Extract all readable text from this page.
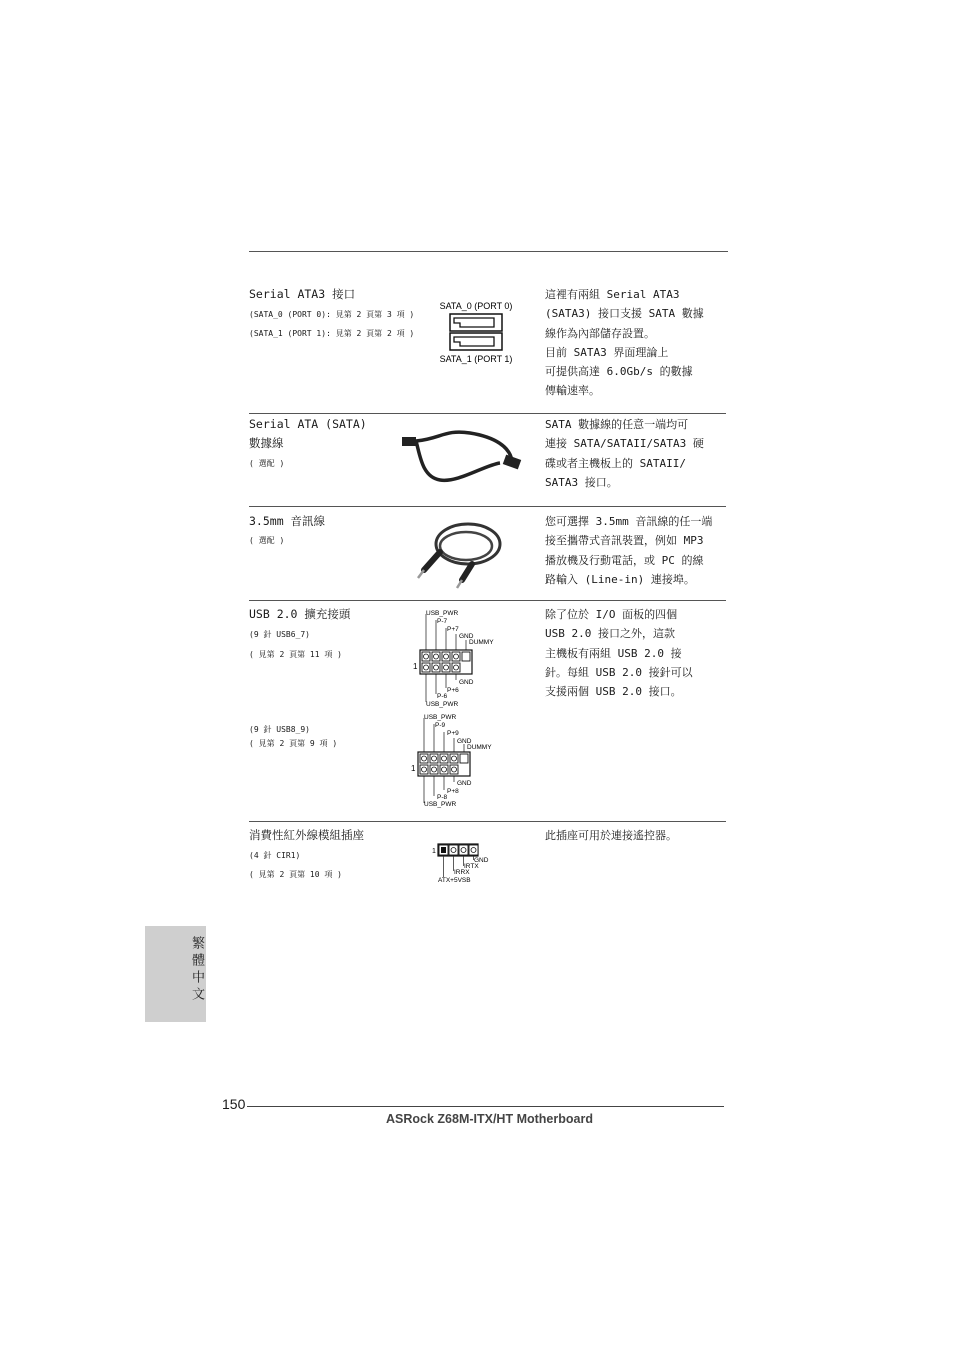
Serial ATA3 接口
(SATA_0 (PORT 0): 見第 2 頁第 3 項 )
(SATA_1 (PORT 1): 見第 2 頁第 2 項 )
SATA_0 (PORT 0)
SATA_1 (PORT 1)
這裡有兩組 Serial ATA3
(SATA3) 接口支援 SATA 數據
線作為內部儲存設置。
目前 SATA3 界面理論上
可提供高達 6.0Gb/s 的數據
傳輸速率。
Serial ATA (SATA)
數據線
( 選配 )
SATA 數據線的任意一端均可
連接 SATA/SATAII/SATA3 硬
碟或者主機板上的 SATAII/
SATA3 接口。
3.5mm 音訊線
( 選配 )
您可選擇 3.5mm 音訊線的任一端
接至攜帶式音訊裝置，例如 MP3
播放機及行動電話，或 PC 的線
路輸入 (Line-in) 連接埠。
USB 2.0 擴充接頭
(9 針 USB6_7)
( 見第 2 頁第 11 項 )
(9 針 USB8_9)
( 見第 2 頁第 9 項 )
1
USB_PWR
P-7
P+7
GND
DUMMY
GND
P+6
P-6
USB_PWR
1
USB_PWR
P-9
P+9
GND
DUMMY
GND
P+8
P-8
USB_PWR
除了位於 I/O 面板的四個
USB 2.0 接口之外，這款
主機板有兩組 USB 2.0 接
針。每組 USB 2.0 接針可以
支援兩個 USB 2.0 接口。
消費性紅外線模組插座
(4 針 CIR1)
( 見第 2 頁第 10 項 )
1
GND
IRTX
IRRX
ATX+5VSB
此插座可用於連接遙控器。
繁體中文
150
ASRock Z68M-ITX/HT Motherboard
